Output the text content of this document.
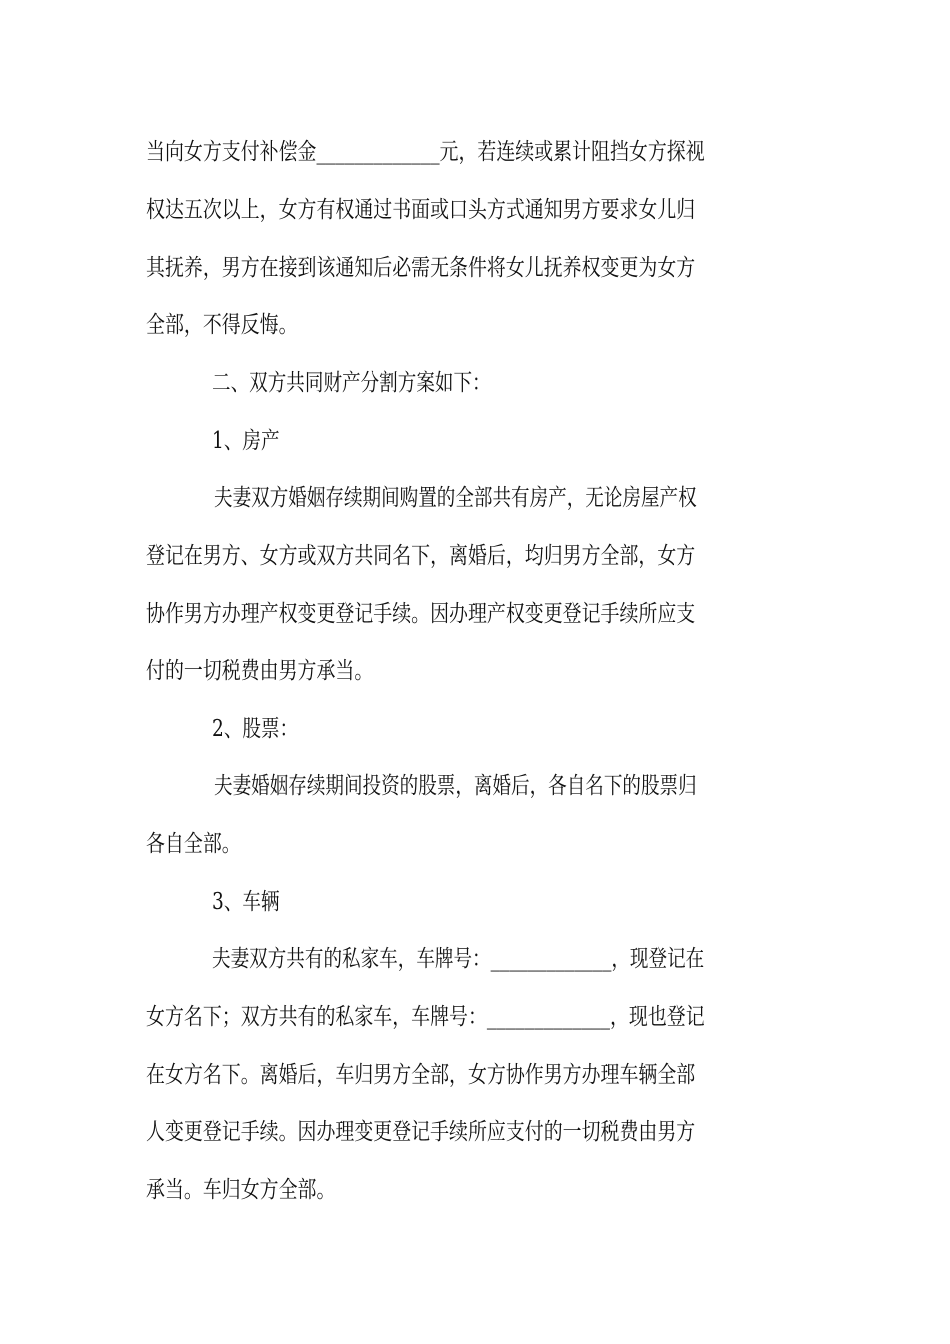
当向女方支付补偿金_____________元，若连续或累计阻挡女方探视
权达五次以上，女方有权通过书面或口头方式通知男方要求女儿归
其抚养，男方在接到该通知后必需无条件将女儿抚养权变更为女方
全部，不得反悔。
二、双方共同财产分割方案如下：
1、房产
夫妻双方婚姻存续期间购置的全部共有房产，无论房屋产权
登记在男方、女方或双方共同名下，离婚后，均归男方全部，女方
协作男方办理产权变更登记手续。因办理产权变更登记手续所应支
付的一切税费由男方承当。
2、股票：
夫妻婚姻存续期间投资的股票，离婚后，各自名下的股票归
各自全部。
3、车辆
夫妻双方共有的私家车，车牌号：_____________，现登记在
女方名下；双方共有的私家车，车牌号：_____________，现也登记
在女方名下。离婚后，车归男方全部，女方协作男方办理车辆全部
人变更登记手续。因办理变更登记手续所应支付的一切税费由男方
承当。车归女方全部。
